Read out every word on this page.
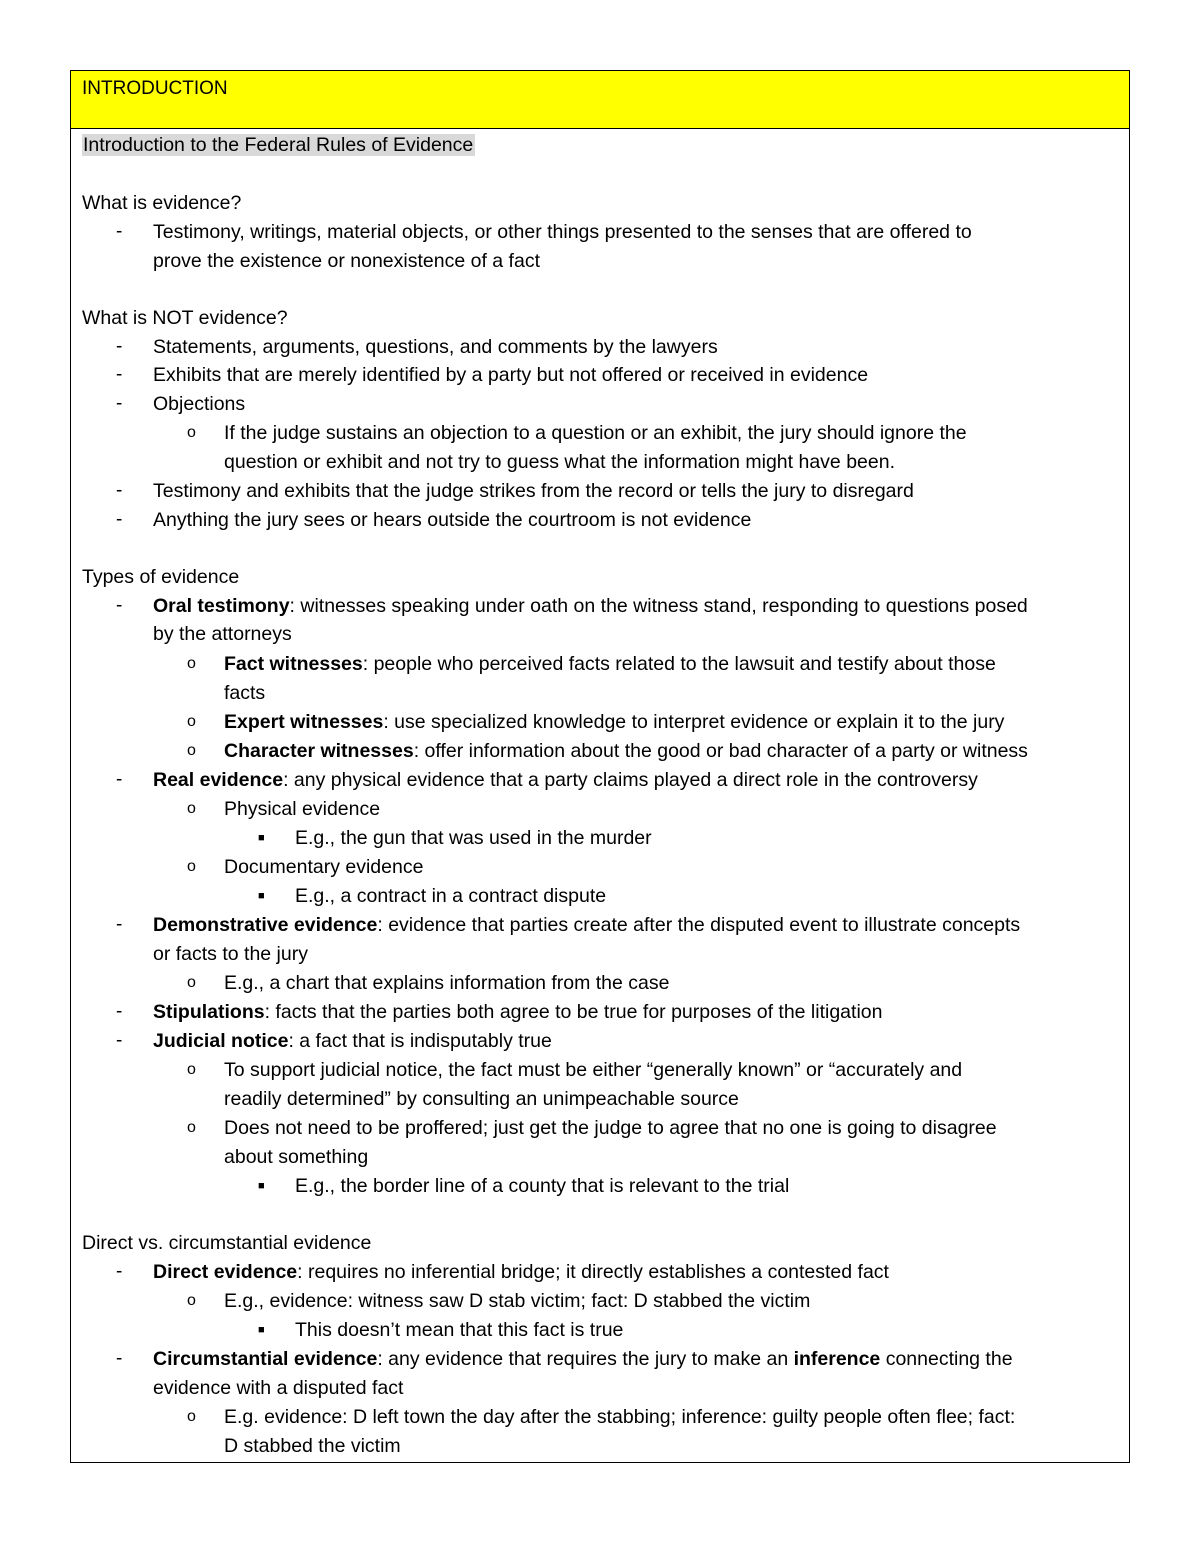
INTRODUCTION
Introduction to the Federal Rules of Evidence
What is evidence?
- Testimony, writings, material objects, or other things presented to the senses that are offered to
prove the existence or nonexistence of a fact
What is NOT evidence?
- Statements, arguments, questions, and comments by the lawyers
- Exhibits that are merely identified by a party but not offered or received in evidence
- Objections
o If the judge sustains an objection to a question or an exhibit, the jury should ignore the
question or exhibit and not try to guess what the information might have been.
- Testimony and exhibits that the judge strikes from the record or tells the jury to disregard
- Anything the jury sees or hears outside the courtroom is not evidence
Types of evidence
- Oral testimony: witnesses speaking under oath on the witness stand, responding to questions posed
by the attorneys
o Fact witnesses: people who perceived facts related to the lawsuit and testify about those
facts
o Expert witnesses: use specialized knowledge to interpret evidence or explain it to the jury
o Character witnesses: offer information about the good or bad character of a party or witness
- Real evidence: any physical evidence that a party claims played a direct role in the controversy
o Physical evidence
■ E.g., the gun that was used in the murder
o Documentary evidence
■ E.g., a contract in a contract dispute
- Demonstrative evidence: evidence that parties create after the disputed event to illustrate concepts
or facts to the jury
o E.g., a chart that explains information from the case
- Stipulations: facts that the parties both agree to be true for purposes of the litigation
- Judicial notice: a fact that is indisputably true
o To support judicial notice, the fact must be either “generally known” or “accurately and
readily determined” by consulting an unimpeachable source
o Does not need to be proffered; just get the judge to agree that no one is going to disagree
about something
■ E.g., the border line of a county that is relevant to the trial
Direct vs. circumstantial evidence
- Direct evidence: requires no inferential bridge; it directly establishes a contested fact
o E.g., evidence: witness saw D stab victim; fact: D stabbed the victim
■ This doesn’t mean that this fact is true
- Circumstantial evidence: any evidence that requires the jury to make an inference connecting the
evidence with a disputed fact
o E.g. evidence: D left town the day after the stabbing; inference: guilty people often flee; fact:
D stabbed the victim
